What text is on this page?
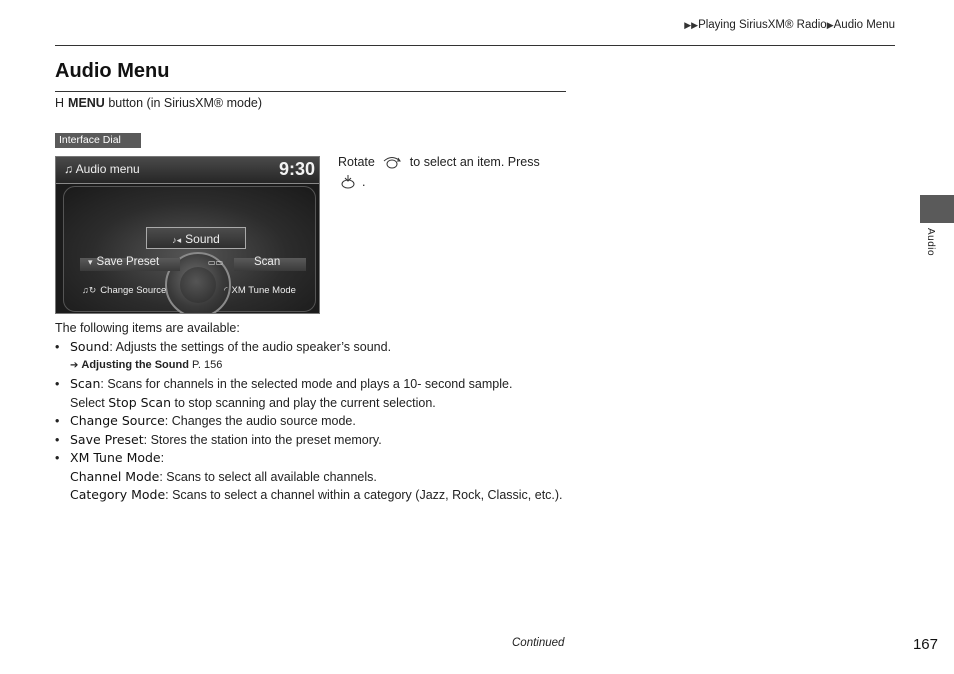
▶▶Playing SiriusXM® Radio▶Audio Menu
Audio Menu
H MENU button (in SiriusXM® mode)
Interface Dial
♫ Audio menu	9:30
♪◂ Sound
▾ Save Preset	▭▭	Scan
♫↻ Change Source	◜ XM Tune Mode
Rotate	to select an item. Press
.

The following items are available:

• Sound: Adjusts the settings of the audio speaker’s sound.
➔ Adjusting the Sound P. 156
• Scan: Scans for channels in the selected mode and plays a 10- second sample.
Select Stop Scan to stop scanning and play the current selection.
• Change Source: Changes the audio source mode.
• Save Preset: Stores the station into the preset memory.
• XM Tune Mode:
Channel Mode: Scans to select all available channels.
Category Mode: Scans to select a channel within a category (Jazz, Rock, Classic, etc.).
Audio
Continued	167
